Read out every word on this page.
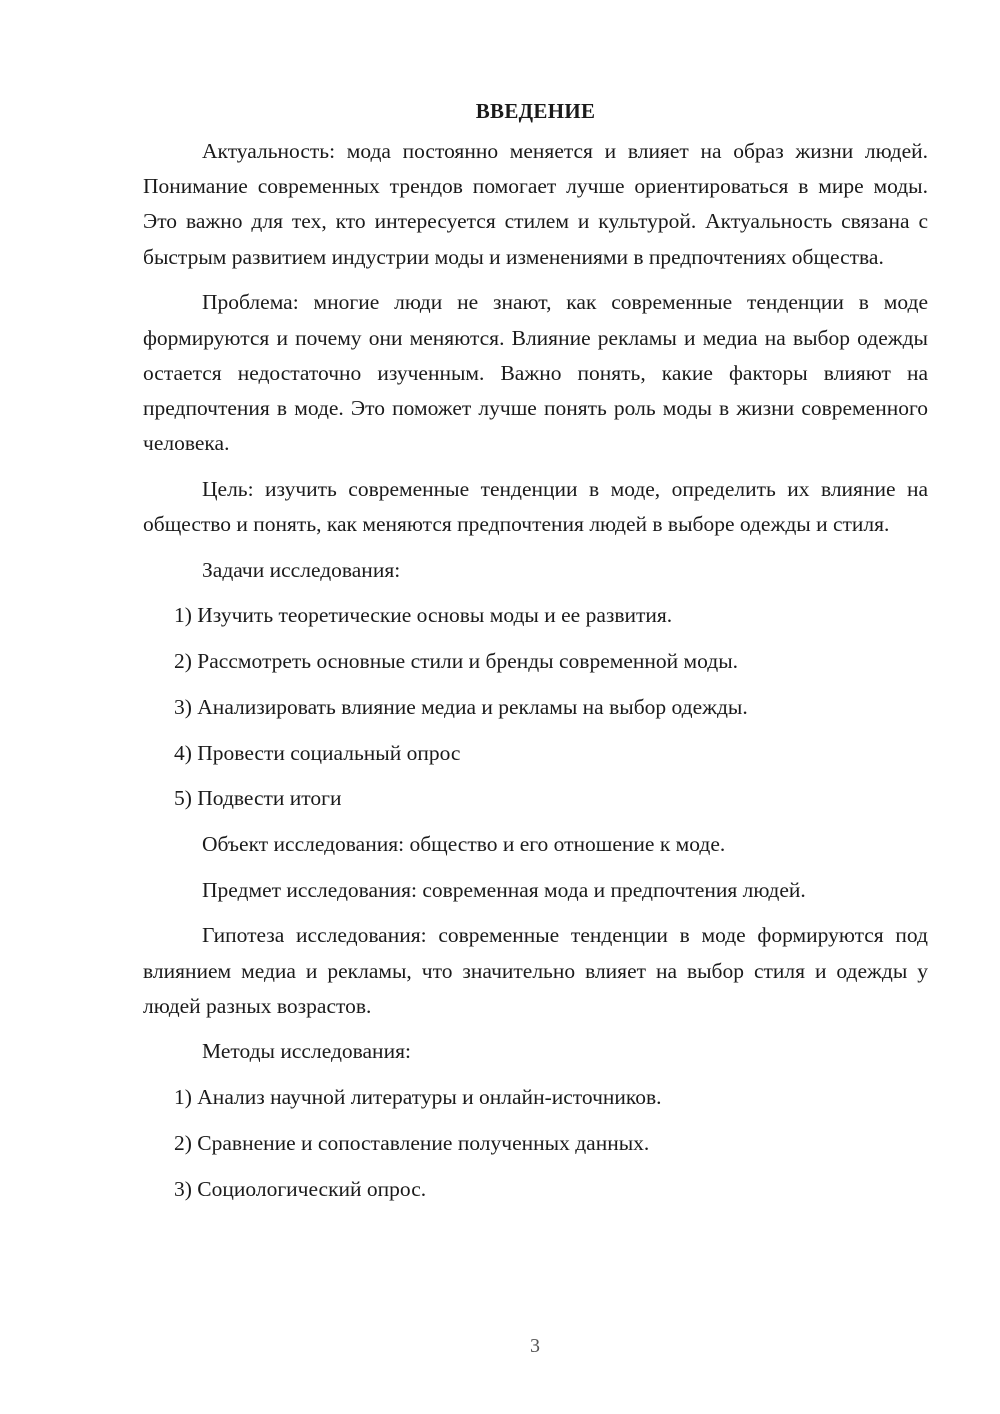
ВВЕДЕНИЕ

Актуальность: мода постоянно меняется и влияет на образ жизни людей. Понимание современных трендов помогает лучше ориентироваться в мире моды. Это важно для тех, кто интересуется стилем и культурой. Актуальность связана с быстрым развитием индустрии моды и изменениями в предпочтениях общества.

Проблема: многие люди не знают, как современные тенденции в моде формируются и почему они меняются. Влияние рекламы и медиа на выбор одежды остается недостаточно изученным. Важно понять, какие факторы влияют на предпочтения в моде. Это поможет лучше понять роль моды в жизни современного человека.

Цель: изучить современные тенденции в моде, определить их влияние на общество и понять, как меняются предпочтения людей в выборе одежды и стиля.

Задачи исследования:

1) Изучить теоретические основы моды и ее развития.

2) Рассмотреть основные стили и бренды современной моды.

3) Анализировать влияние медиа и рекламы на выбор одежды.

4) Провести социальный опрос

5) Подвести итоги

Объект исследования: общество и его отношение к моде.

Предмет исследования: современная мода и предпочтения людей.

Гипотеза исследования: современные тенденции в моде формируются под влиянием медиа и рекламы, что значительно влияет на выбор стиля и одежды у людей разных возрастов.

Методы исследования:

1) Анализ научной литературы и онлайн-источников.

2) Сравнение и сопоставление полученных данных.

3) Социологический опрос.

3
